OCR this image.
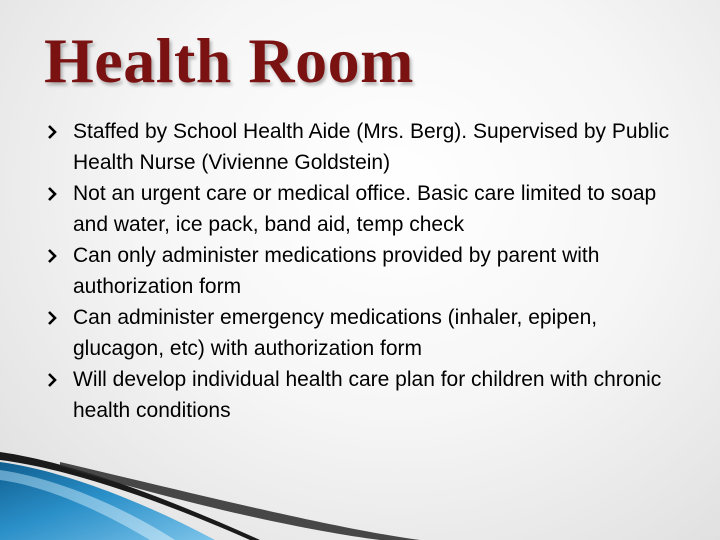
Health Room
Staffed by School Health Aide (Mrs. Berg). Supervised by Public Health Nurse (Vivienne Goldstein)
Not an urgent care or medical office. Basic care limited to soap and water, ice pack, band aid, temp check
Can only administer medications provided by parent with authorization form
Can administer emergency medications (inhaler, epipen, glucagon, etc) with authorization form
Will develop individual health care plan for children with chronic health conditions
